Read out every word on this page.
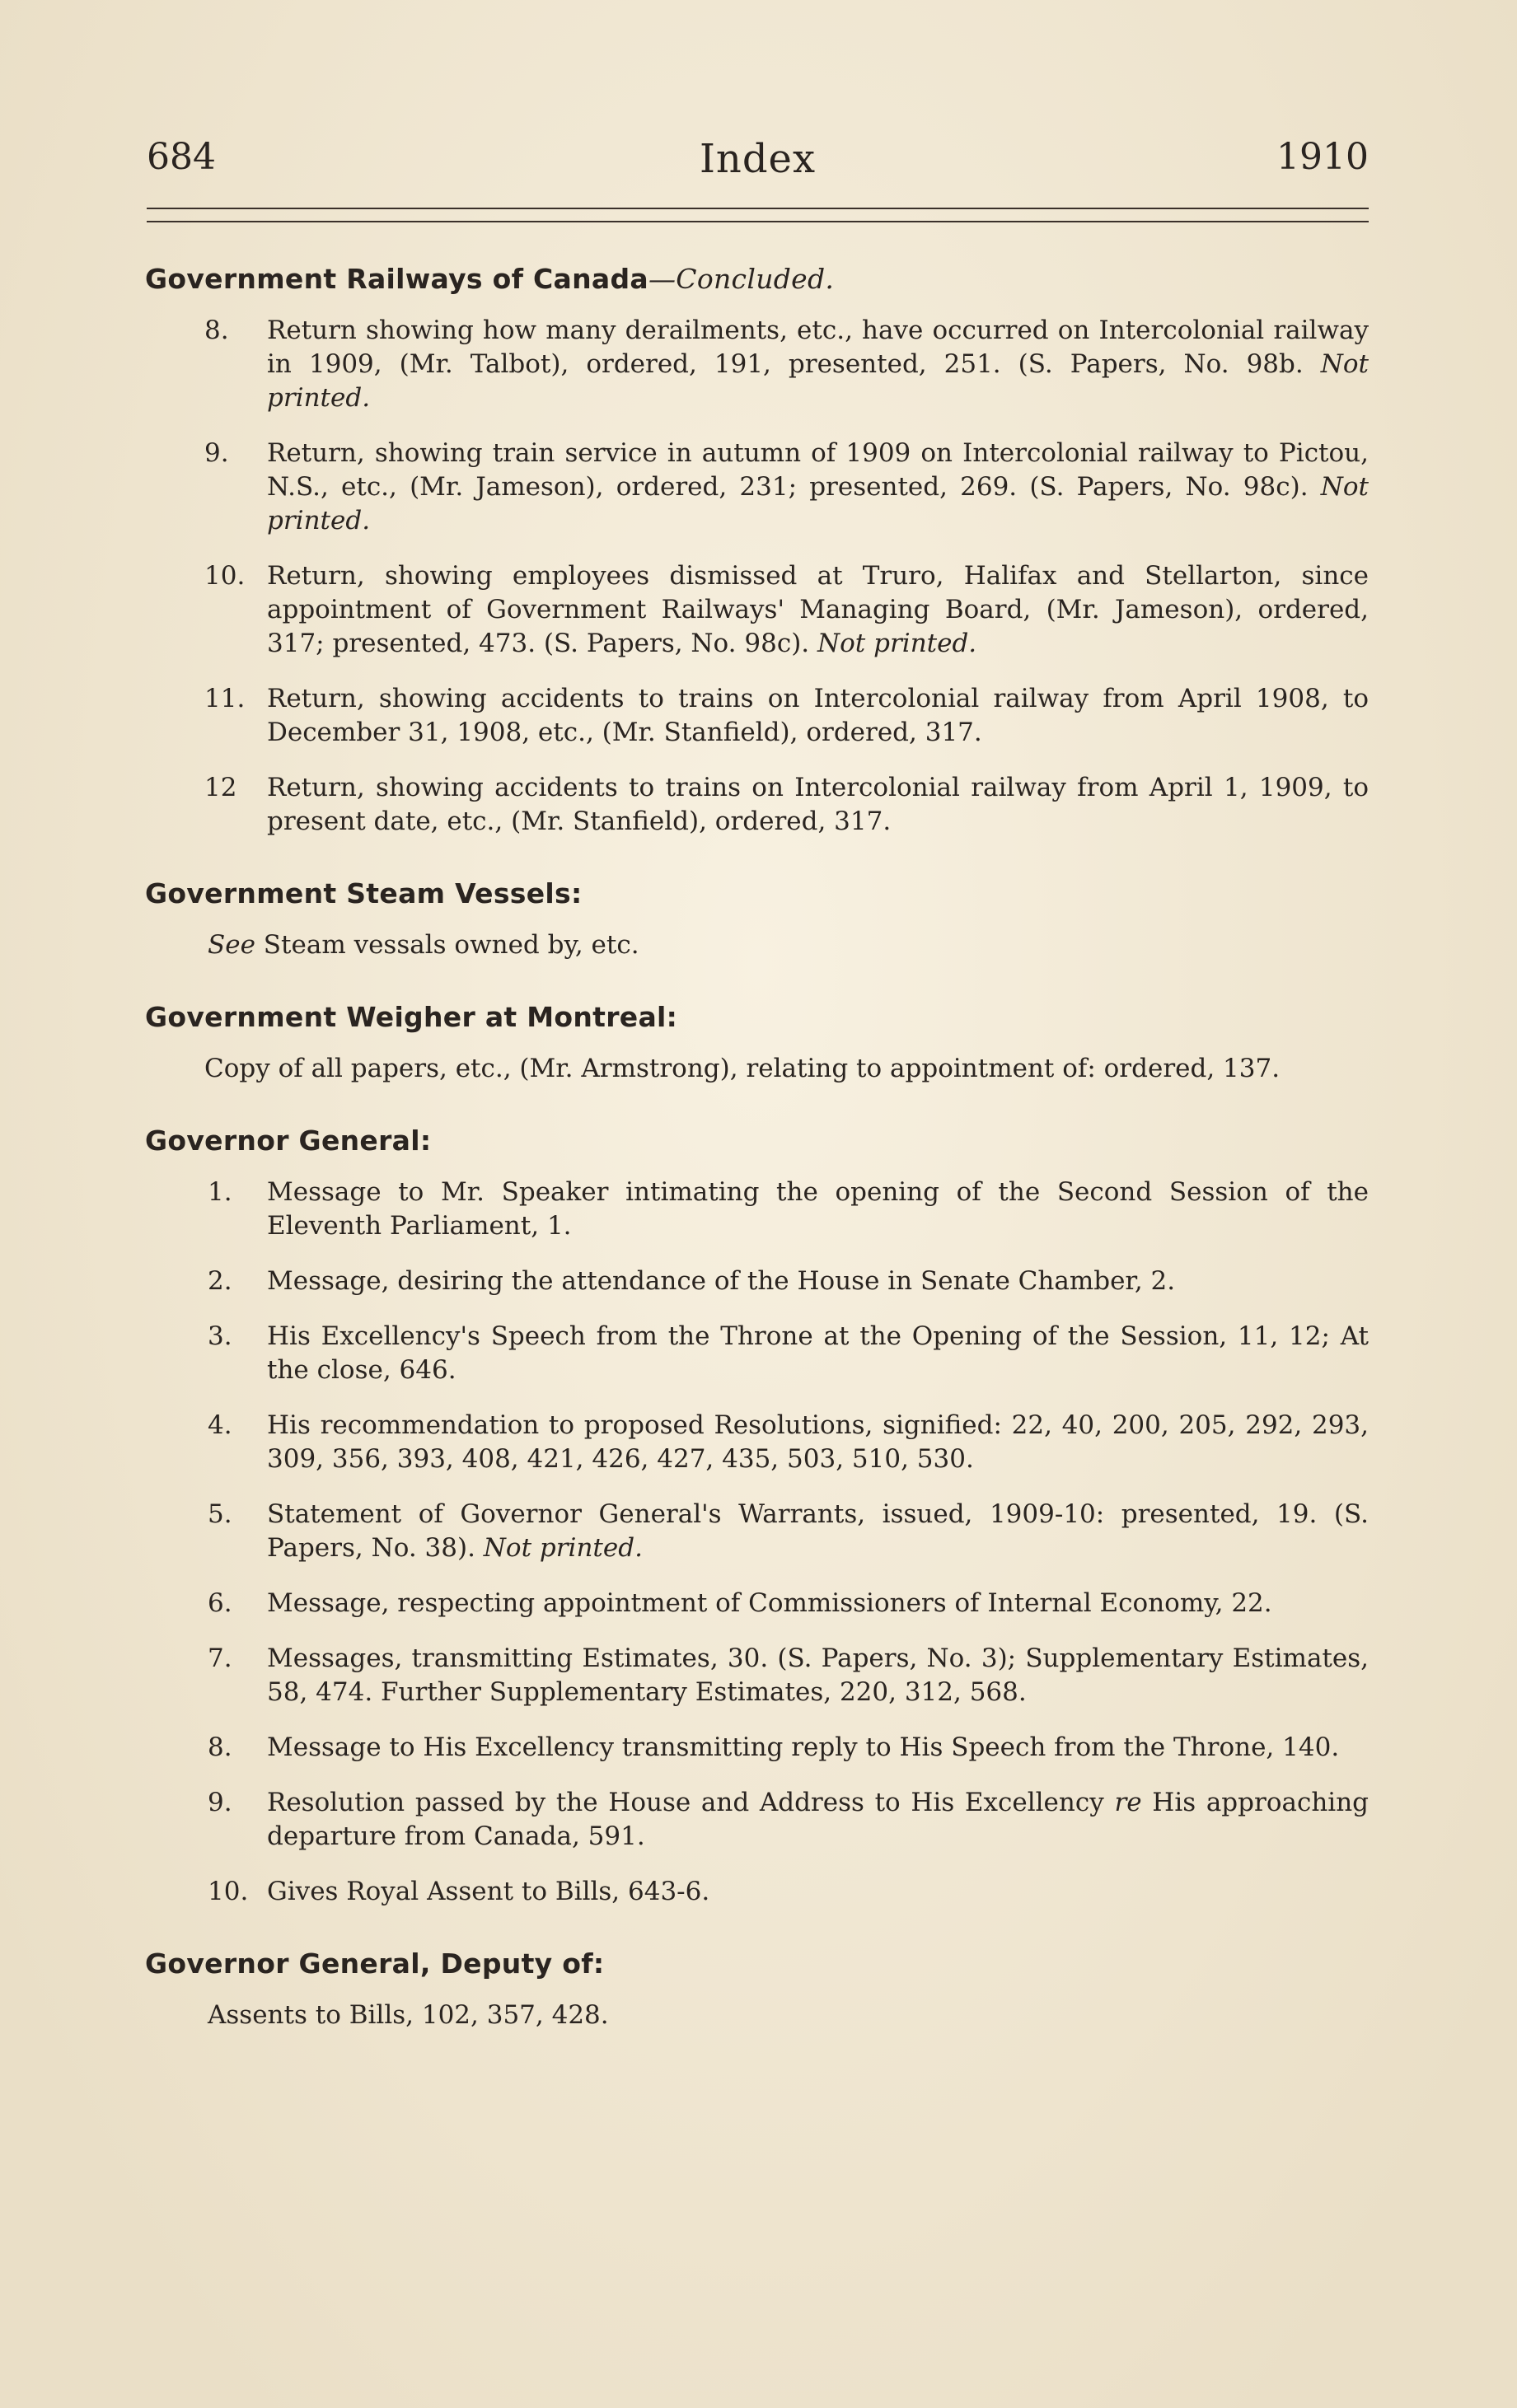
684	Index	1910
Government Railways of Canada—Concluded.
8.	Return showing how many derailments, etc., have occurred on Intercolonial railway in 1909, (Mr. Talbot), ordered, 191, presented, 251. (S. Papers, No. 98b. Not printed.
9.	Return, showing train service in autumn of 1909 on Intercolonial railway to Pictou, N.S., etc., (Mr. Jameson), ordered, 231; presented, 269. (S. Papers, No. 98c). Not printed.
10. Return, showing employees dismissed at Truro, Halifax and Stellarton, since appointment of Government Railways' Managing Board, (Mr. Jameson), ordered, 317; presented, 473. (S. Papers, No. 98c). Not printed.
11. Return, showing accidents to trains on Intercolonial railway from April 1908, to December 31, 1908, etc., (Mr. Stanfield), ordered, 317.
12	Return, showing accidents to trains on Intercolonial railway from April 1, 1909, to present date, etc., (Mr. Stanfield), ordered, 317.
Government Steam Vessels:
See Steam vessals owned by, etc.
Government Weigher at Montreal:
Copy of all papers, etc., (Mr. Armstrong), relating to appointment of: ordered, 137.
Governor General:
1.	Message to Mr. Speaker intimating the opening of the Second Session of the Eleventh Parliament, 1.
2.	Message, desiring the attendance of the House in Senate Chamber, 2.
3.	His Excellency's Speech from the Throne at the Opening of the Session, 11, 12; At the close, 646.
4.	His recommendation to proposed Resolutions, signified: 22, 40, 200, 205, 292, 293, 309, 356, 393, 408, 421, 426, 427, 435, 503, 510, 530.
5.	Statement of Governor General's Warrants, issued, 1909-10: presented, 19. (S. Papers, No. 38). Not printed.
6.	Message, respecting appointment of Commissioners of Internal Economy, 22.
7.	Messages, transmitting Estimates, 30. (S. Papers, No. 3); Supplementary Estimates, 58, 474. Further Supplementary Estimates, 220, 312, 568.
8.	Message to His Excellency transmitting reply to His Speech from the Throne, 140.
9.	Resolution passed by the House and Address to His Excellency re His approaching departure from Canada, 591.
10. Gives Royal Assent to Bills, 643-6.
Governor General, Deputy of:
Assents to Bills, 102, 357, 428.
